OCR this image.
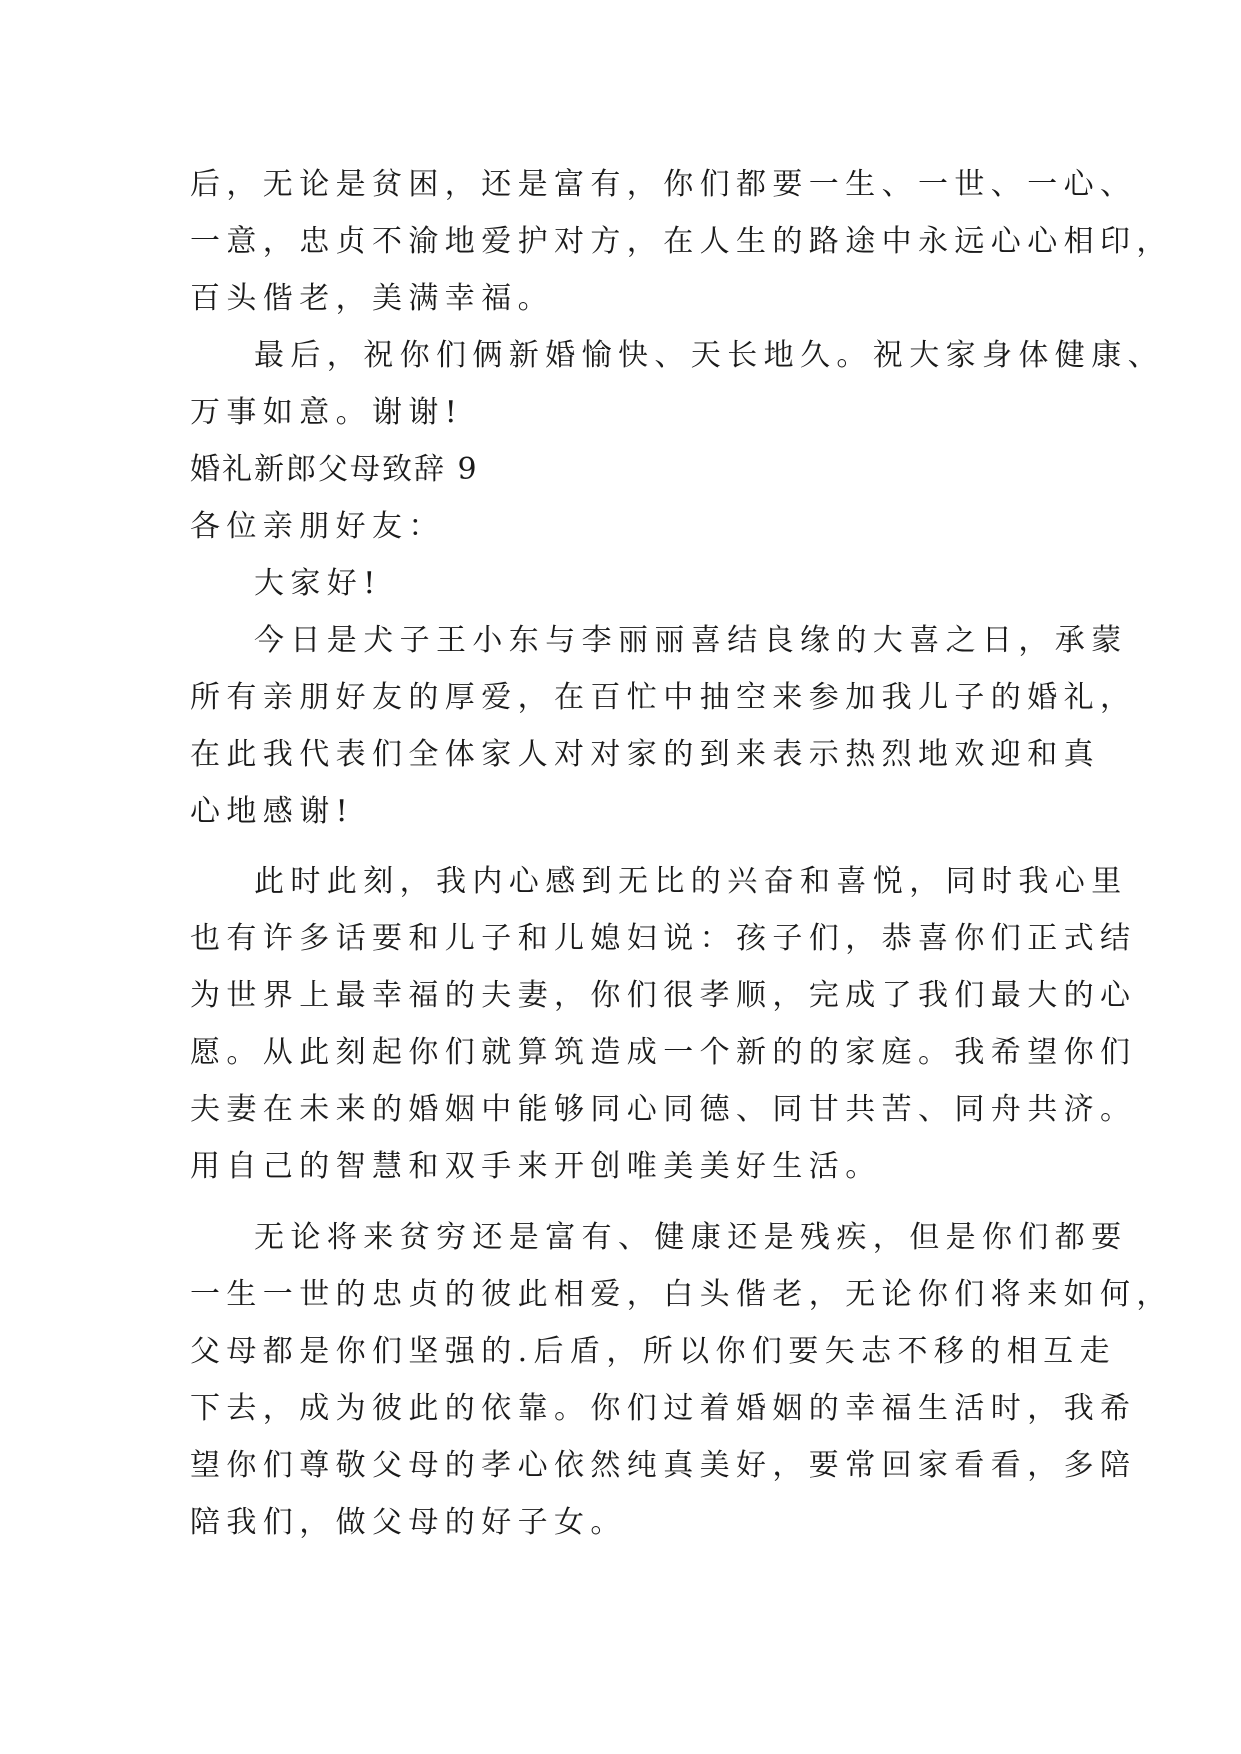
后，无论是贫困，还是富有，你们都要一生、一世、一心、
一意，忠贞不渝地爱护对方，在人生的路途中永远心心相印，
百头偕老，美满幸福。
最后，祝你们俩新婚愉快、天长地久。祝大家身体健康、
万事如意。谢谢!
婚礼新郎父母致辞 9
各位亲朋好友：
大家好!
今日是犬子王小东与李丽丽喜结良缘的大喜之日，承蒙
所有亲朋好友的厚爱，在百忙中抽空来参加我儿子的婚礼，
在此我代表们全体家人对对家的到来表示热烈地欢迎和真
心地感谢!
此时此刻，我内心感到无比的兴奋和喜悦，同时我心里
也有许多话要和儿子和儿媳妇说：孩子们，恭喜你们正式结
为世界上最幸福的夫妻，你们很孝顺，完成了我们最大的心
愿。从此刻起你们就算筑造成一个新的的家庭。我希望你们
夫妻在未来的婚姻中能够同心同德、同甘共苦、同舟共济。
用自己的智慧和双手来开创唯美美好生活。
无论将来贫穷还是富有、健康还是残疾，但是你们都要
一生一世的忠贞的彼此相爱，白头偕老，无论你们将来如何，
父母都是你们坚强的.后盾，所以你们要矢志不移的相互走
下去，成为彼此的依靠。你们过着婚姻的幸福生活时，我希
望你们尊敬父母的孝心依然纯真美好，要常回家看看，多陪
陪我们，做父母的好子女。
